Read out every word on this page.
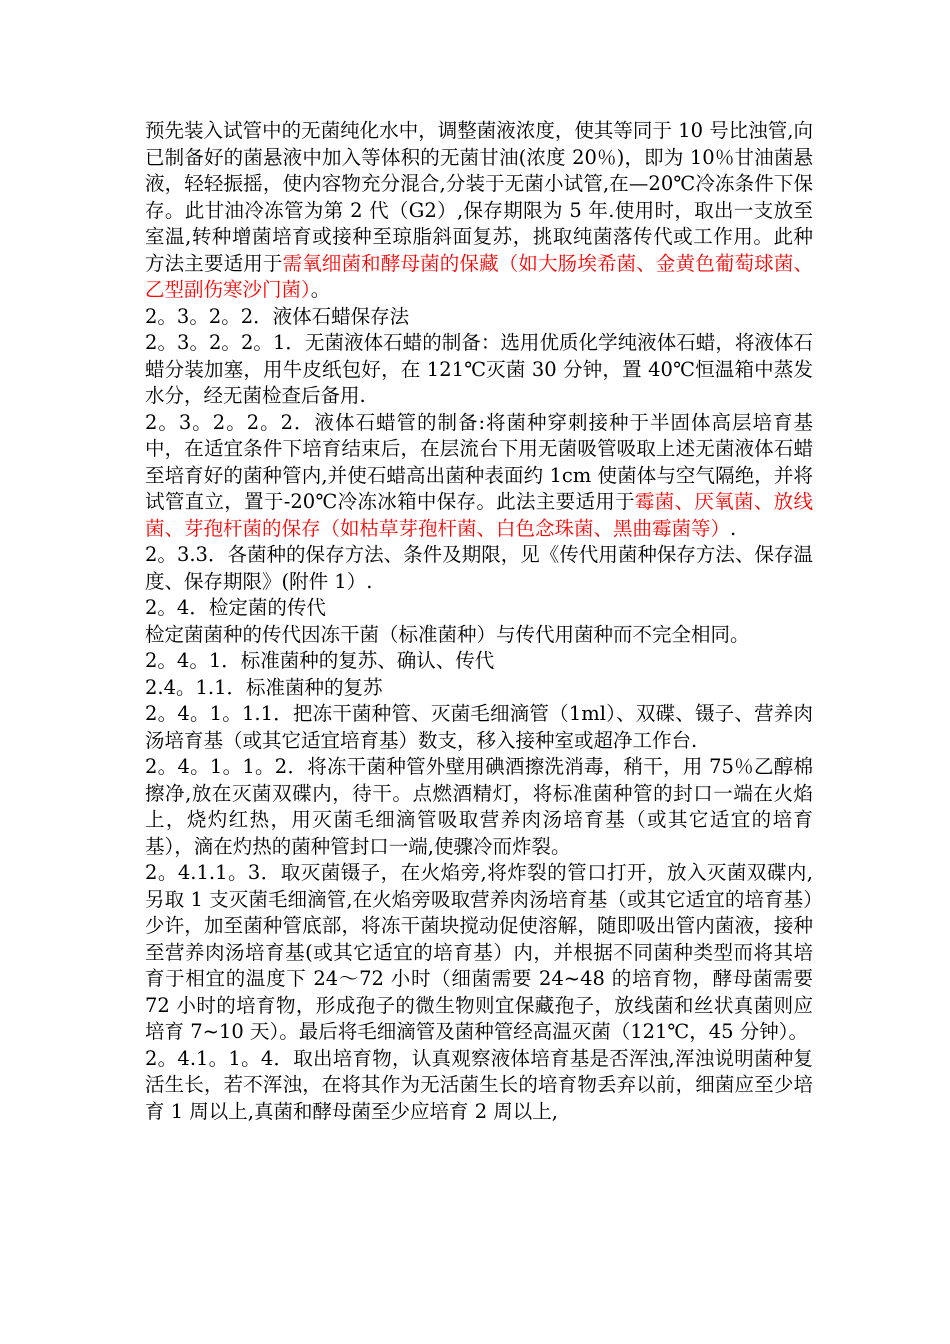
预先装入试管中的无菌纯化水中，调整菌液浓度，使其等同于 10 号比浊管,向已制备好的菌悬液中加入等体积的无菌甘油(浓度 20％)，即为 10％甘油菌悬液，轻轻振摇，使内容物充分混合,分装于无菌小试管,在—20℃冷冻条件下保存。此甘油冷冻管为第 2 代（G2）,保存期限为 5 年.使用时，取出一支放至室温,转种增菌培育或接种至琼脂斜面复苏，挑取纯菌落传代或工作用。此种方法主要适用于需氧细菌和酵母菌的保藏（如大肠埃希菌、金黄色葡萄球菌、乙型副伤寒沙门菌）。

2。3。2。2．液体石蜡保存法

2。3。2。2。1．无菌液体石蜡的制备：选用优质化学纯液体石蜡，将液体石蜡分装加塞，用牛皮纸包好，在 121℃灭菌 30 分钟，置 40℃恒温箱中蒸发水分，经无菌检查后备用.

2。3。2。2。2．液体石蜡管的制备:将菌种穿刺接种于半固体高层培育基中，在适宜条件下培育结束后，在层流台下用无菌吸管吸取上述无菌液体石蜡至培育好的菌种管内,并使石蜡高出菌种表面约 1cm 使菌体与空气隔绝，并将试管直立，置于-20℃冷冻冰箱中保存。此法主要适用于霉菌、厌氧菌、放线菌、芽孢杆菌的保存（如枯草芽孢杆菌、白色念珠菌、黑曲霉菌等）.

2。3.3．各菌种的保存方法、条件及期限，见《传代用菌种保存方法、保存温度、保存期限》(附件 1）.

2。4．检定菌的传代

检定菌菌种的传代因冻干菌（标准菌种）与传代用菌种而不完全相同。

2。4。1．标准菌种的复苏、确认、传代

2.4。1.1．标准菌种的复苏

2。4。1。1.1．把冻干菌种管、灭菌毛细滴管（1ml）、双碟、镊子、营养肉汤培育基（或其它适宜培育基）数支，移入接种室或超净工作台.

2。4。1。1。2．将冻干菌种管外壁用碘酒擦洗消毒，稍干，用 75％乙醇棉擦净,放在灭菌双碟内，待干。点燃酒精灯，将标准菌种管的封口一端在火焰上，烧灼红热，用灭菌毛细滴管吸取营养肉汤培育基（或其它适宜的培育基），滴在灼热的菌种管封口一端,使骤冷而炸裂。

2。4.1.1。3．取灭菌镊子，在火焰旁,将炸裂的管口打开，放入灭菌双碟内,另取 1 支灭菌毛细滴管,在火焰旁吸取营养肉汤培育基（或其它适宜的培育基）少许，加至菌种管底部，将冻干菌块搅动促使溶解，随即吸出管内菌液，接种至营养肉汤培育基(或其它适宜的培育基）内，并根据不同菌种类型而将其培育于相宜的温度下 24～72 小时（细菌需要 24~48 的培育物，酵母菌需要 72 小时的培育物，形成孢子的微生物则宜保藏孢子，放线菌和丝状真菌则应培育 7~10 天）。最后将毛细滴管及菌种管经高温灭菌（121℃，45 分钟）。

2。4.1。1。4．取出培育物，认真观察液体培育基是否浑浊,浑浊说明菌种复活生长，若不浑浊，在将其作为无活菌生长的培育物丢弃以前，细菌应至少培育 1 周以上,真菌和酵母菌至少应培育 2 周以上,
